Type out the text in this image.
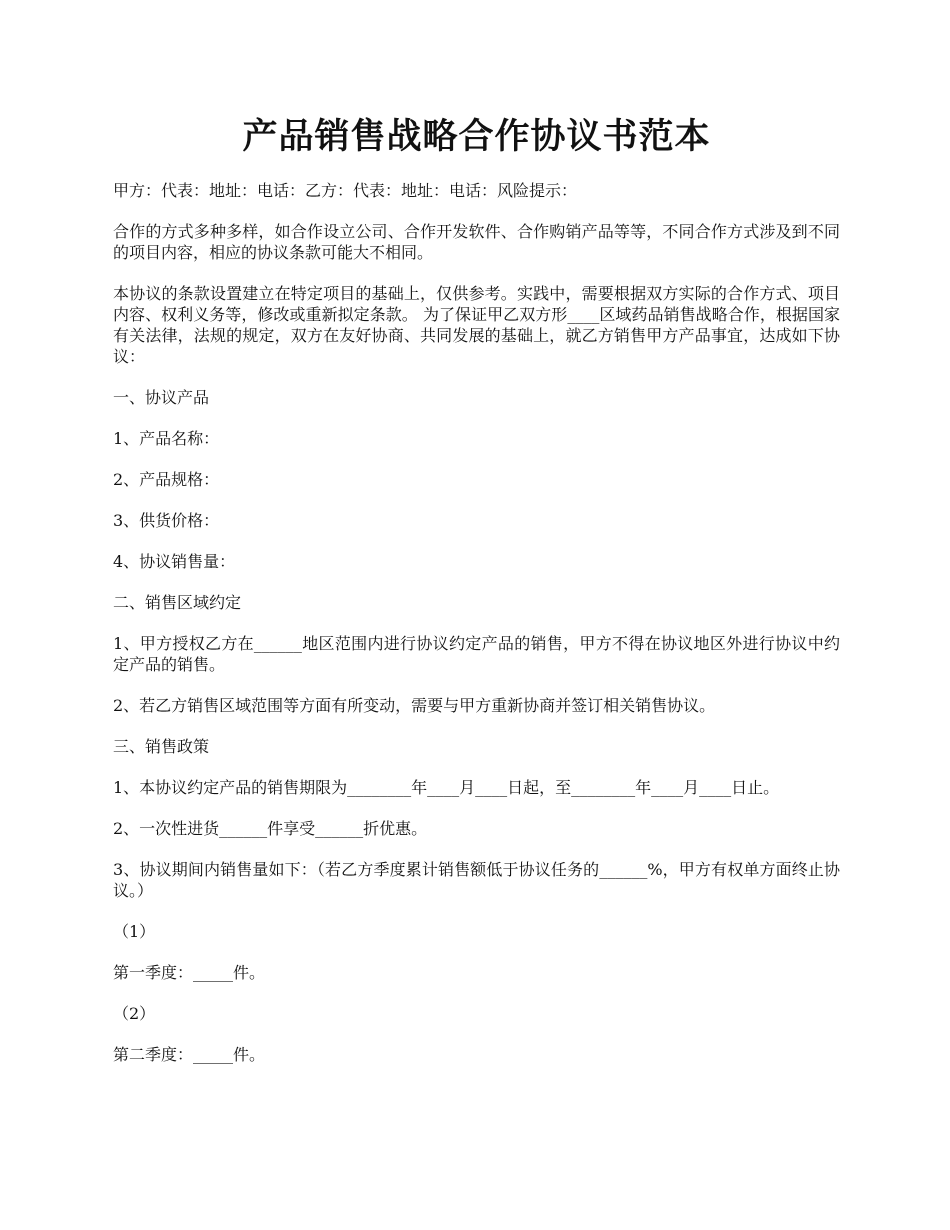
产品销售战略合作协议书范本

甲方：代表：地址：电话：乙方：代表：地址：电话：风险提示：

合作的方式多种多样，如合作设立公司、合作开发软件、合作购销产品等等，不同合作方式涉及到不同的项目内容，相应的协议条款可能大不相同。

本协议的条款设置建立在特定项目的基础上，仅供参考。实践中，需要根据双方实际的合作方式、项目内容、权利义务等，修改或重新拟定条款。 为了保证甲乙双方形____区域药品销售战略合作，根据国家有关法律，法规的规定，双方在友好协商、共同发展的基础上，就乙方销售甲方产品事宜，达成如下协议：

一、协议产品

1、产品名称：

2、产品规格：

3、供货价格：

4、协议销售量：

二、销售区域约定

1、甲方授权乙方在______地区范围内进行协议约定产品的销售，甲方不得在协议地区外进行协议中约定产品的销售。

2、若乙方销售区域范围等方面有所变动，需要与甲方重新协商并签订相关销售协议。

三、销售政策

1、本协议约定产品的销售期限为________年____月____日起，至________年____月____日止。

2、一次性进货______件享受______折优惠。

3、协议期间内销售量如下：（若乙方季度累计销售额低于协议任务的______%，甲方有权单方面终止协议。）

（1）

第一季度：_____件。

（2）

第二季度：_____件。
